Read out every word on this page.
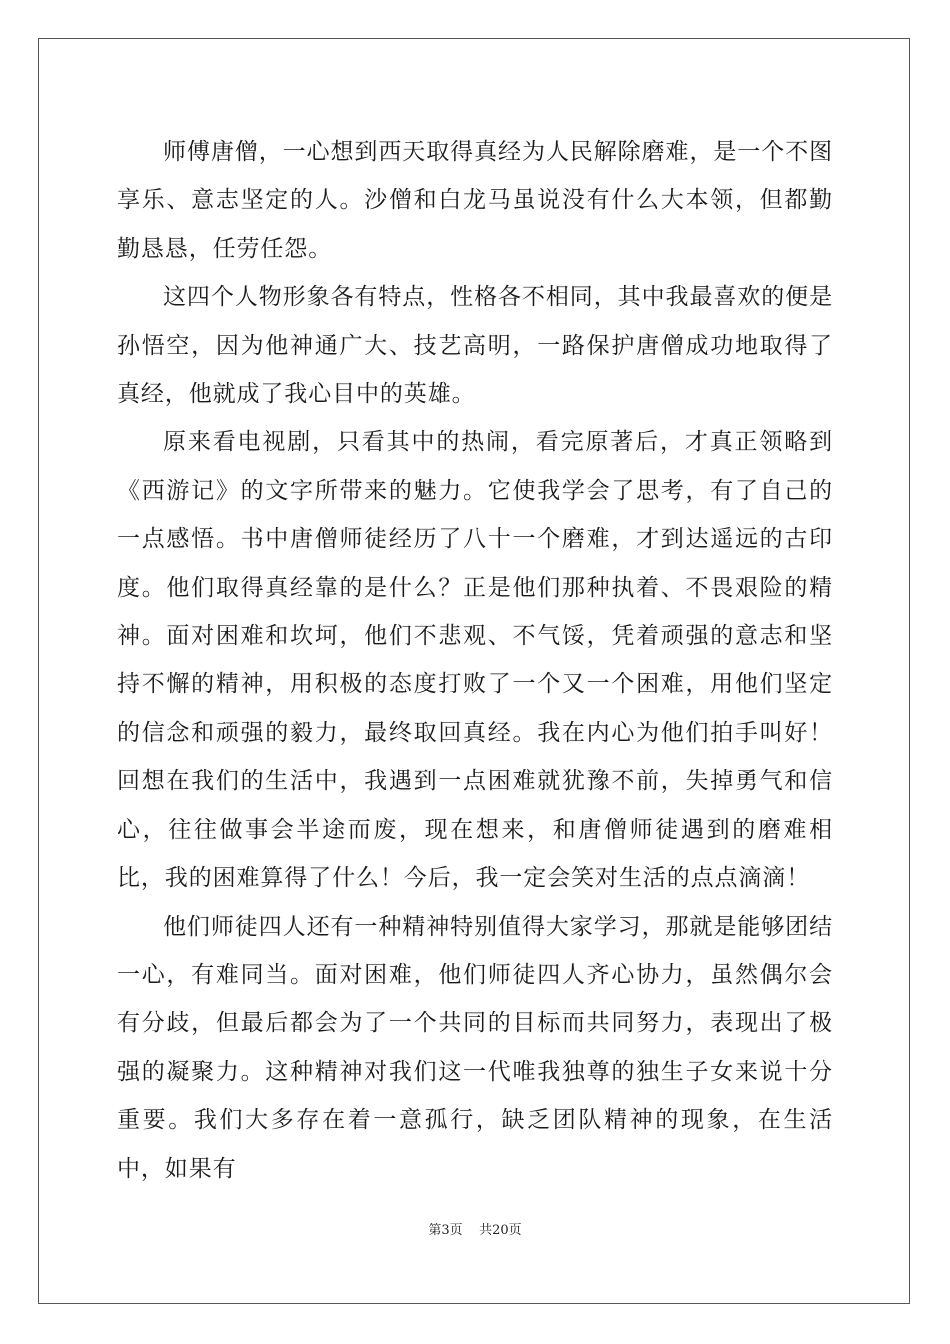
师傅唐僧，一心想到西天取得真经为人民解除磨难，是一个不图享乐、意志坚定的人。沙僧和白龙马虽说没有什么大本领，但都勤勤恳恳，任劳任怨。

这四个人物形象各有特点，性格各不相同，其中我最喜欢的便是孙悟空，因为他神通广大、技艺高明，一路保护唐僧成功地取得了真经，他就成了我心目中的英雄。

原来看电视剧，只看其中的热闹，看完原著后，才真正领略到《西游记》的文字所带来的魅力。它使我学会了思考，有了自己的一点感悟。书中唐僧师徒经历了八十一个磨难，才到达遥远的古印度。他们取得真经靠的是什么？正是他们那种执着、不畏艰险的精神。面对困难和坎坷，他们不悲观、不气馁，凭着顽强的意志和坚持不懈的精神，用积极的态度打败了一个又一个困难，用他们坚定的信念和顽强的毅力，最终取回真经。我在内心为他们拍手叫好！回想在我们的生活中，我遇到一点困难就犹豫不前，失掉勇气和信心，往往做事会半途而废，现在想来，和唐僧师徒遇到的磨难相比，我的困难算得了什么！今后，我一定会笑对生活的点点滴滴！

他们师徒四人还有一种精神特别值得大家学习，那就是能够团结一心，有难同当。面对困难，他们师徒四人齐心协力，虽然偶尔会有分歧，但最后都会为了一个共同的目标而共同努力，表现出了极强的凝聚力。这种精神对我们这一代唯我独尊的独生子女来说十分重要。我们大多存在着一意孤行，缺乏团队精神的现象，在生活中，如果有

第3页    共20页
